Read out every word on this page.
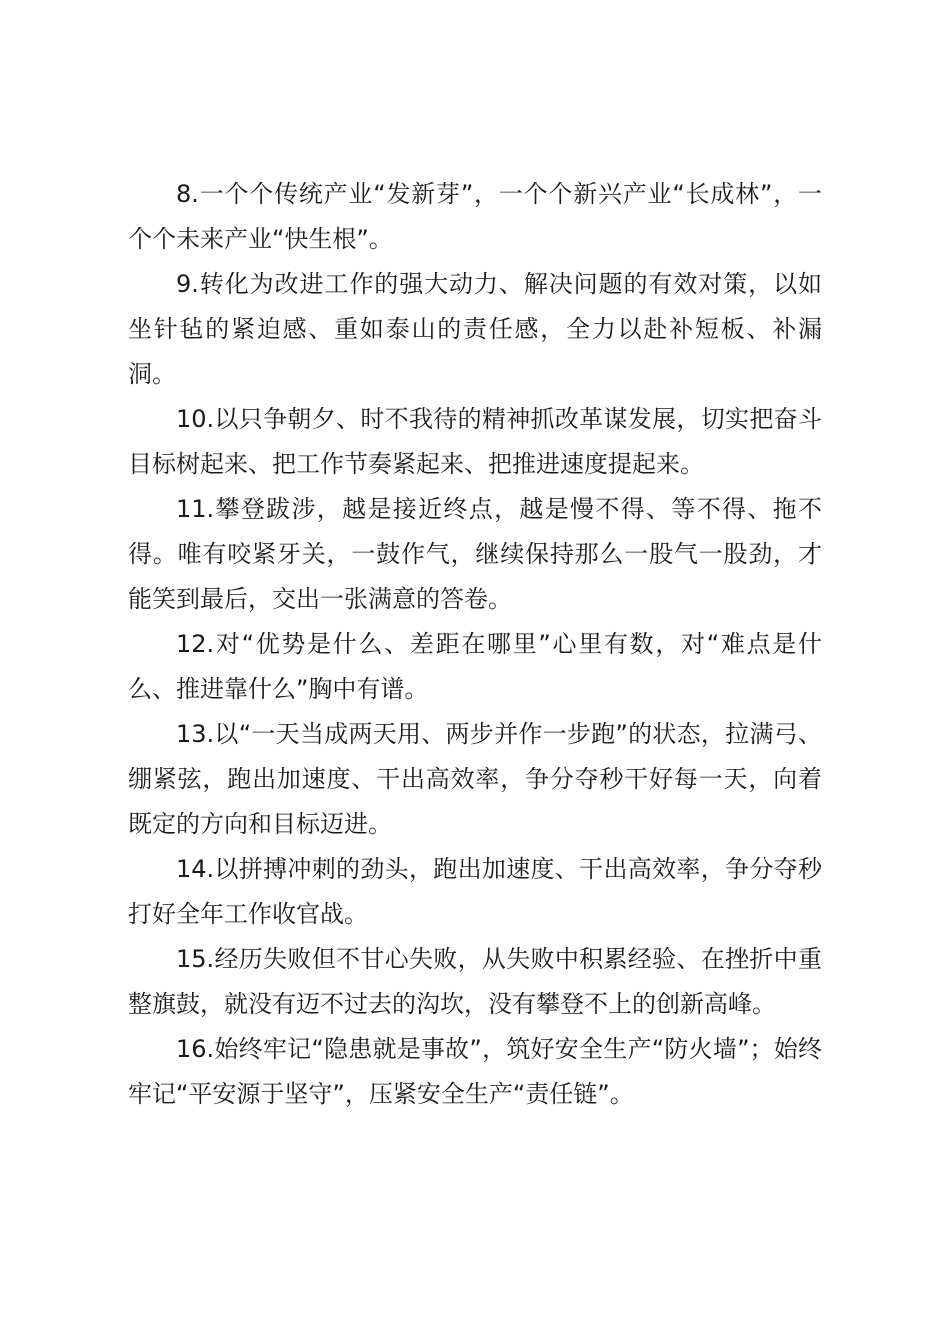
8.一个个传统产业“发新芽”，一个个新兴产业“长成林”，一个个未来产业“快生根”。

9.转化为改进工作的强大动力、解决问题的有效对策，以如坐针毡的紧迫感、重如泰山的责任感，全力以赴补短板、补漏洞。

10.以只争朝夕、时不我待的精神抓改革谋发展，切实把奋斗目标树起来、把工作节奏紧起来、把推进速度提起来。

11.攀登跋涉，越是接近终点，越是慢不得、等不得、拖不得。唯有咬紧牙关，一鼓作气，继续保持那么一股气一股劲，才能笑到最后，交出一张满意的答卷。

12.对“优势是什么、差距在哪里”心里有数，对“难点是什么、推进靠什么”胸中有谱。

13.以“一天当成两天用、两步并作一步跑”的状态，拉满弓、绷紧弦，跑出加速度、干出高效率，争分夺秒干好每一天，向着既定的方向和目标迈进。

14.以拼搏冲刺的劲头，跑出加速度、干出高效率，争分夺秒打好全年工作收官战。

15.经历失败但不甘心失败，从失败中积累经验、在挫折中重整旗鼓，就没有迈不过去的沟坎，没有攀登不上的创新高峰。

16.始终牢记“隐患就是事故”，筑好安全生产“防火墙”；始终牢记“平安源于坚守”，压紧安全生产“责任链”。
